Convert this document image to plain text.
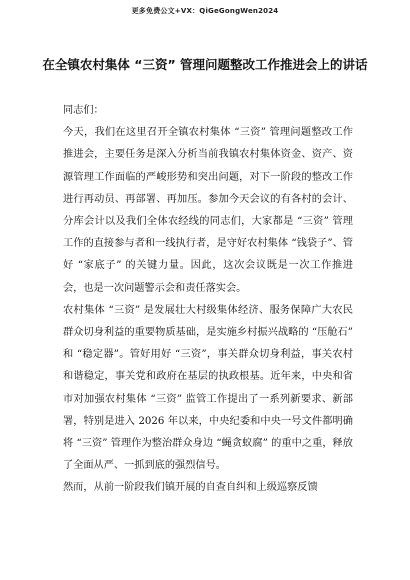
更多免费公文+VX：QiGeGongWen2024
在全镇农村集体 “三资” 管理问题整改工作推进会上的讲话

同志们：

今天，我们在这里召开全镇农村集体 “三资” 管理问题整改工作推进会，主要任务是深入分析当前我镇农村集体资金、资产、资源管理工作面临的严峻形势和突出问题，对下一阶段的整改工作进行再动员、再部署、再加压。参加今天会议的有各村的会计、分库会计以及我们全体农经线的同志们，大家都是 “三资” 管理工作的直接参与者和一线执行者，是守好农村集体 “钱袋子”、管好 “家底子” 的关键力量。因此，这次会议既是一次工作推进会，也是一次问题警示会和责任落实会。

农村集体 “三资” 是发展壮大村级集体经济、服务保障广大农民群众切身利益的重要物质基础，是实施乡村振兴战略的 “压舱石” 和 “稳定器”。管好用好 “三资”，事关群众切身利益，事关农村和谐稳定，事关党和政府在基层的执政根基。近年来，中央和省市对加强农村集体 “三资” 监管工作提出了一系列新要求、新部署，特别是进入 2026 年以来，中央纪委和中央一号文件都明确将 “三资” 管理作为整治群众身边 “蝇贪蚁腐” 的重中之重，释放了全面从严、一抓到底的强烈信号。

然而，从前一阶段我们镇开展的自查自纠和上级巡察反馈
